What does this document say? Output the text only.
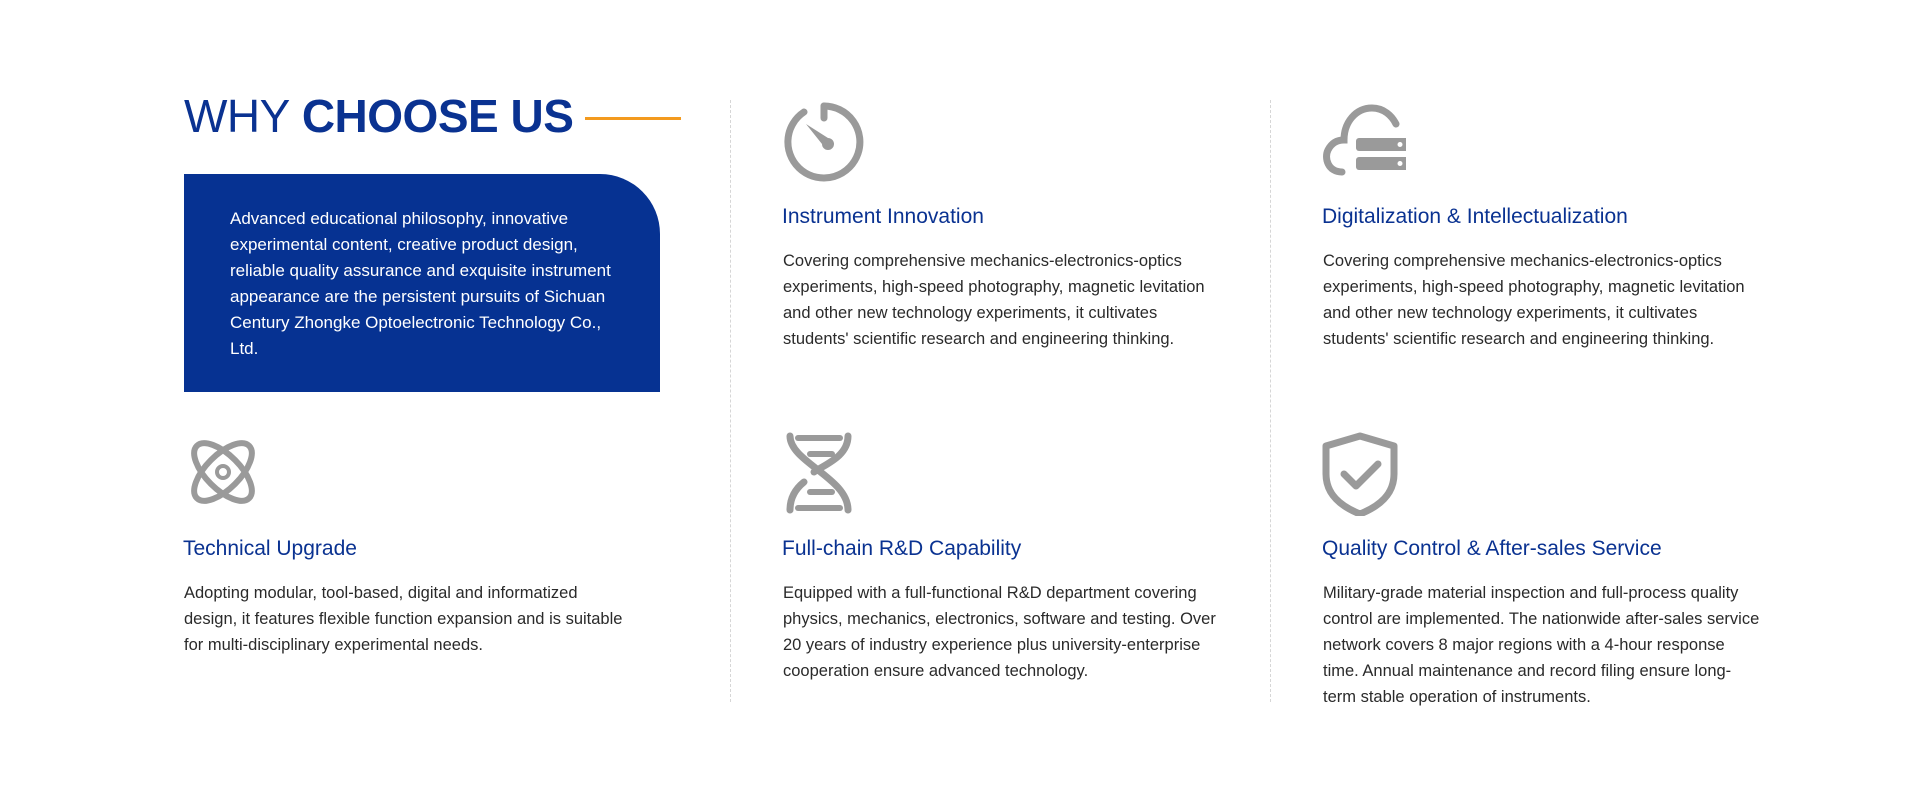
WHY CHOOSE US
Advanced educational philosophy, innovative experimental content, creative product design, reliable quality assurance and exquisite instrument appearance are the persistent pursuits of Sichuan Century Zhongke Optoelectronic Technology Co., Ltd.
Instrument Innovation
Covering comprehensive mechanics-electronics-optics experiments, high-speed photography, magnetic levitation and other new technology experiments, it cultivates students' scientific research and engineering thinking.
Digitalization & Intellectualization
Covering comprehensive mechanics-electronics-optics experiments, high-speed photography, magnetic levitation and other new technology experiments, it cultivates students' scientific research and engineering thinking.
Technical Upgrade
Adopting modular, tool-based, digital and informatized design, it features flexible function expansion and is suitable for multi-disciplinary experimental needs.
Full-chain R&D Capability
Equipped with a full-functional R&D department covering physics, mechanics, electronics, software and testing. Over 20 years of industry experience plus university-enterprise cooperation ensure advanced technology.
Quality Control & After-sales Service
Military-grade material inspection and full-process quality control are implemented. The nationwide after-sales service network covers 8 major regions with a 4-hour response time. Annual maintenance and record filing ensure long-term stable operation of instruments.
